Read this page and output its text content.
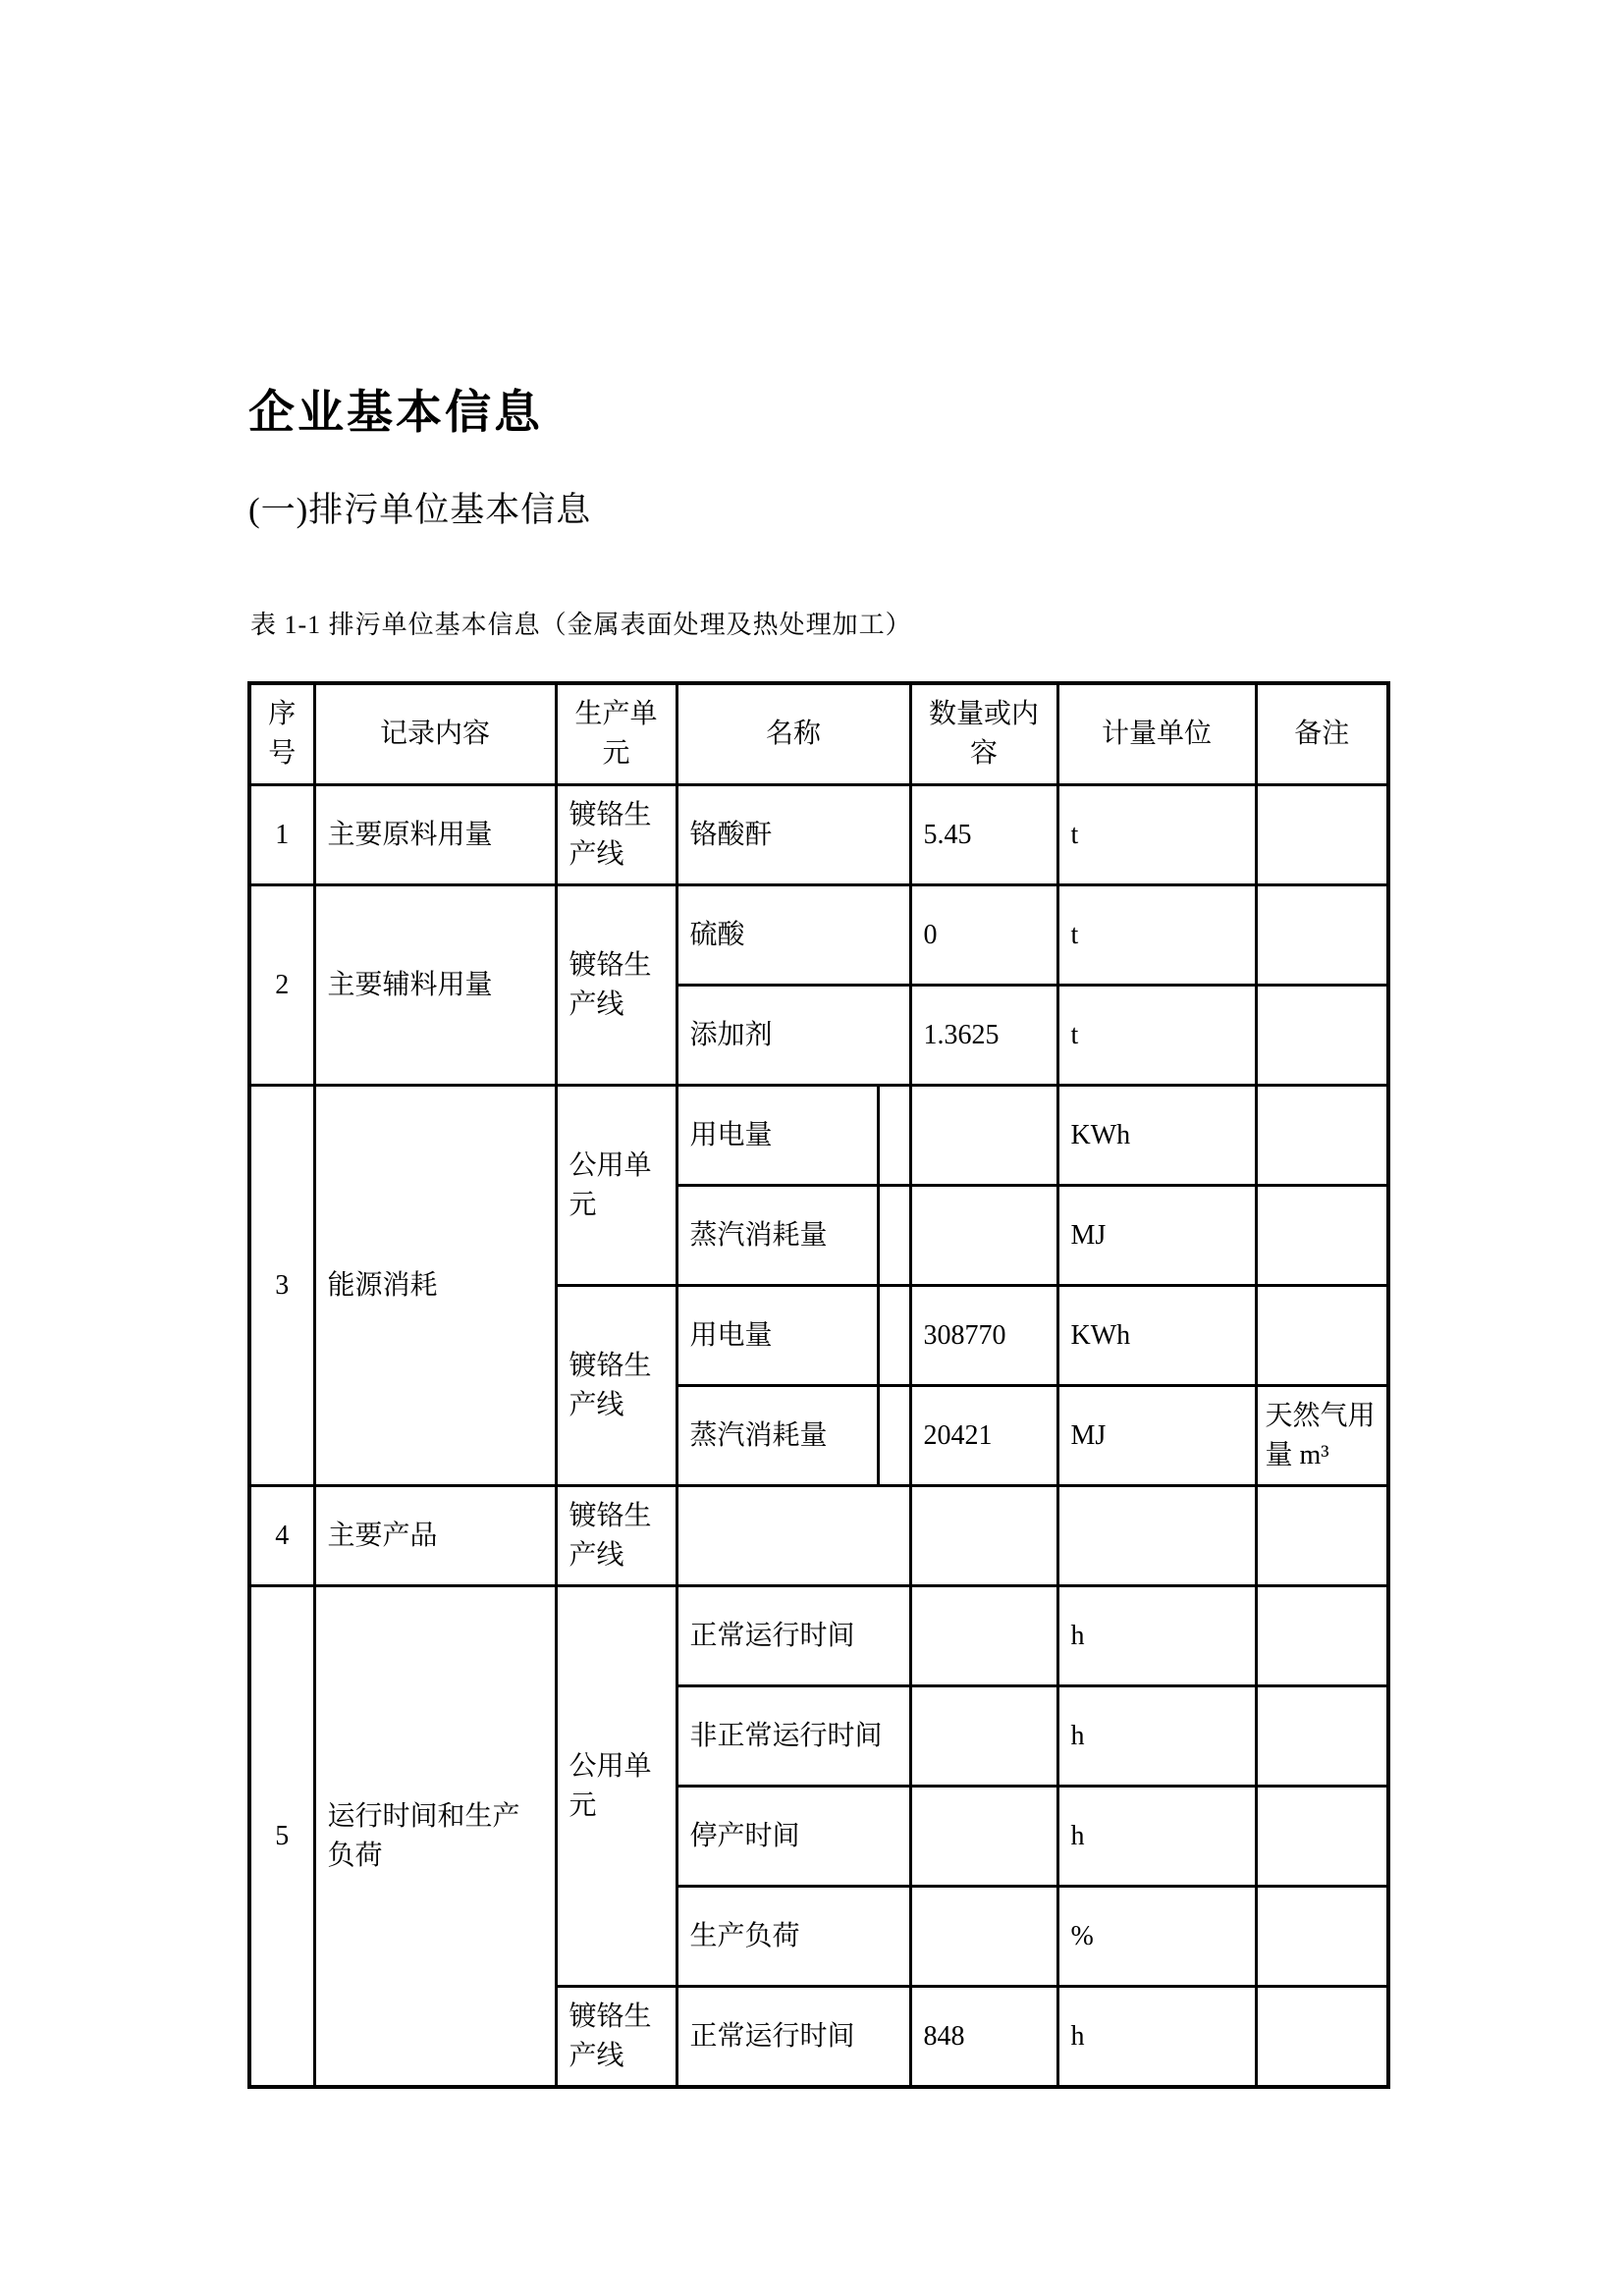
企业基本信息
(一)排污单位基本信息

表 1-1 排污单位基本信息（金属表面处理及热处理加工）

序号	记录内容	生产单元	名称		数量或内容	计量单位	备注
1	主要原料用量	镀铬生产线	铬酸酐		5.45	t	
2	主要辅料用量	镀铬生产线	硫酸		0	t	
			添加剂		1.3625	t	
3	能源消耗	公用单元	用电量			KWh	
			蒸汽消耗量			MJ	
		镀铬生产线	用电量		308770	KWh	
			蒸汽消耗量		20421	MJ	天然气用量 m³
4	主要产品	镀铬生产线					
5	运行时间和生产负荷	公用单元	正常运行时间			h	
			非正常运行时间			h	
			停产时间			h	
			生产负荷			%	
		镀铬生产线	正常运行时间		848	h	
